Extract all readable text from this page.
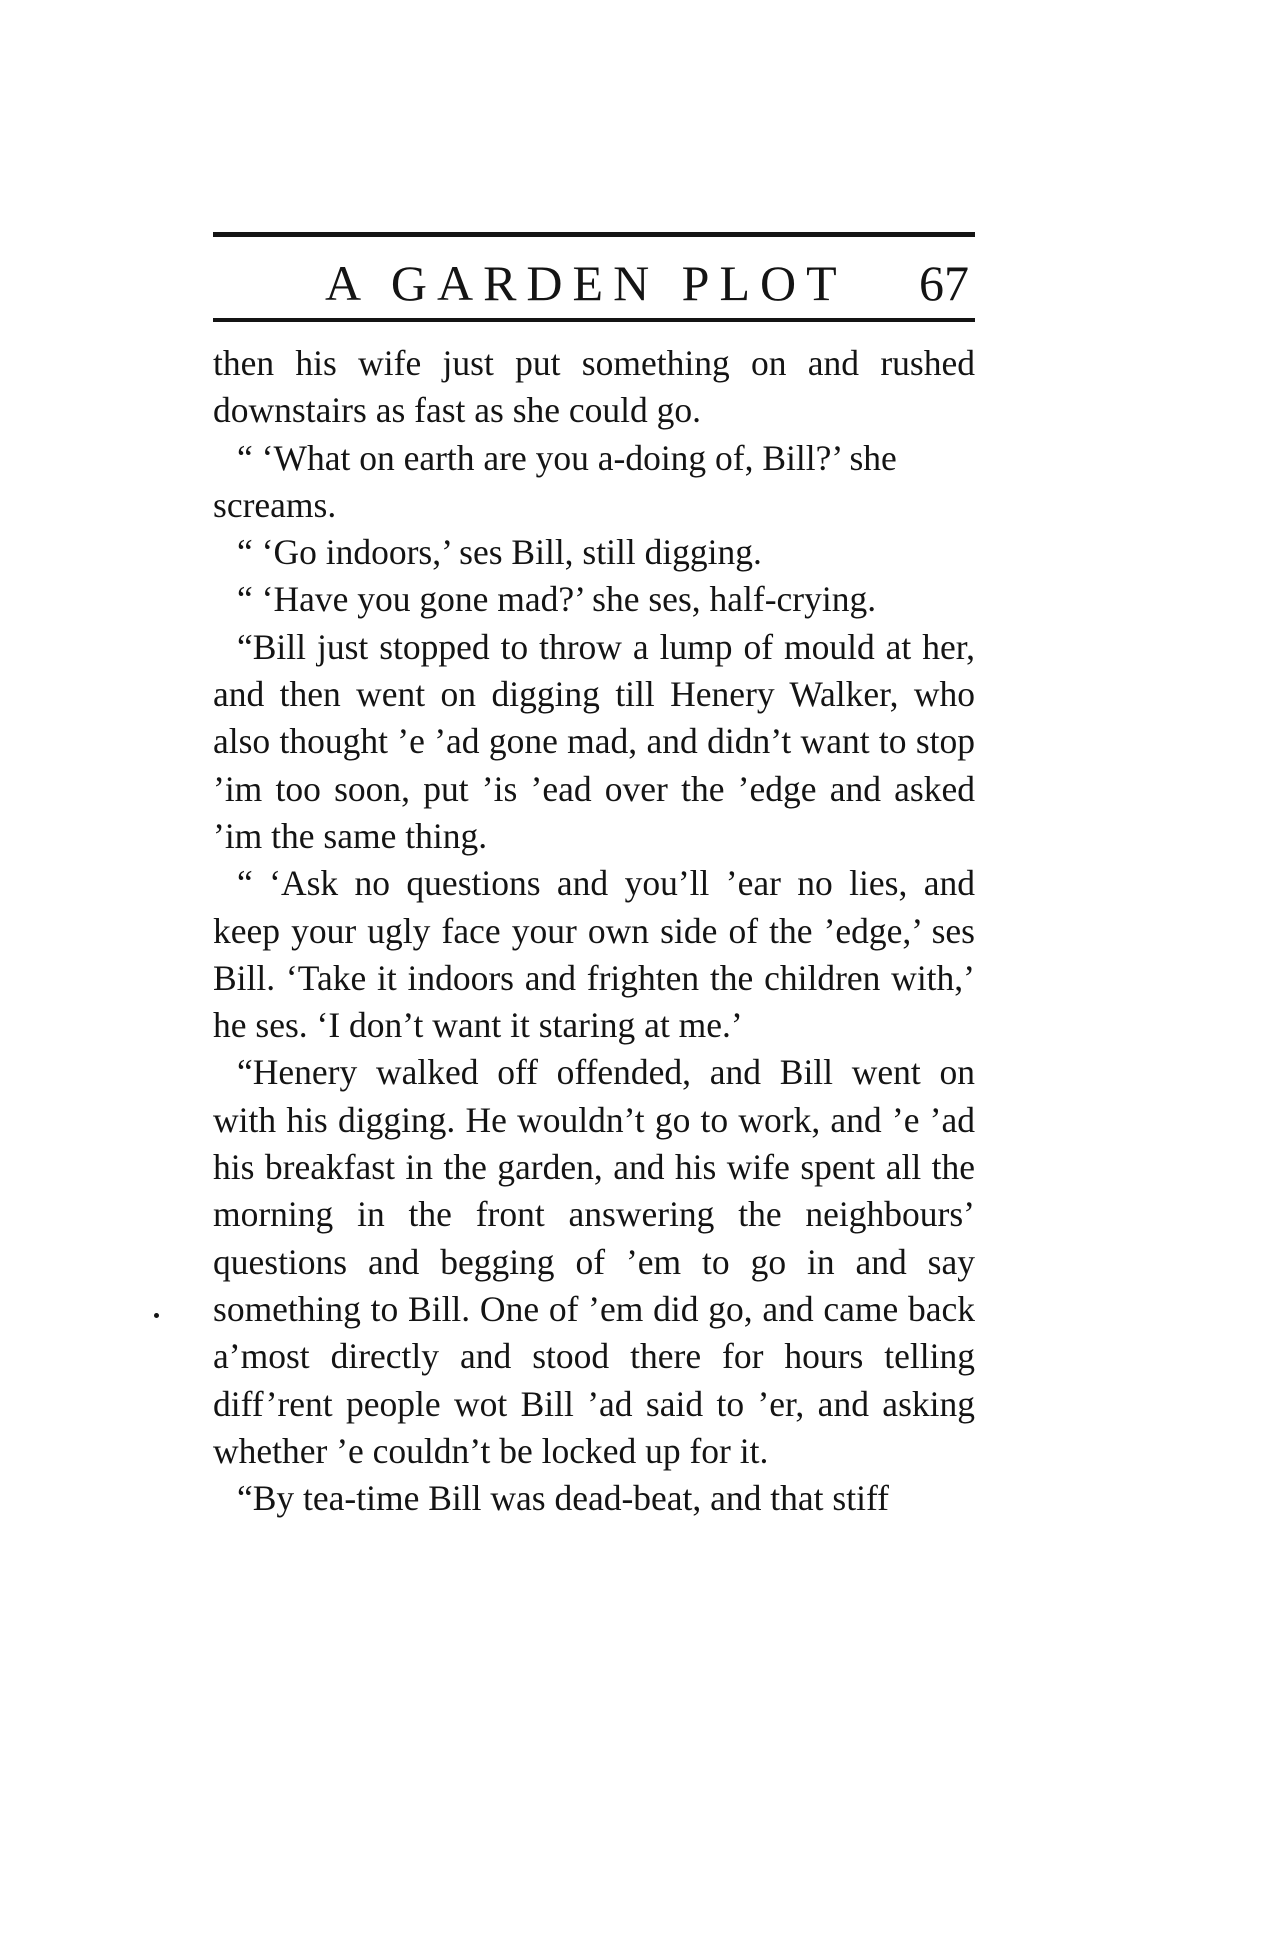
A GARDEN PLOT 67

then his wife just put something on and rushed downstairs as fast as she could go.

“ ‘What on earth are you a-doing of, Bill?’ she screams.

“ ‘Go indoors,’ ses Bill, still digging.

“ ‘Have you gone mad?’ she ses, half-crying.

“Bill just stopped to throw a lump of mould at her, and then went on digging till Henery Walker, who also thought ’e ’ad gone mad, and didn’t want to stop ’im too soon, put ’is ’ead over the ’edge and asked ’im the same thing.

“ ‘Ask no questions and you’ll ’ear no lies, and keep your ugly face your own side of the ’edge,’ ses Bill. ‘Take it indoors and frighten the children with,’ he ses. ‘I don’t want it staring at me.’

“Henery walked off offended, and Bill went on with his digging. He wouldn’t go to work, and ’e ’ad his breakfast in the garden, and his wife spent all the morning in the front answering the neighbours’ questions and begging of ’em to go in and say something to Bill. One of ’em did go, and came back a’most directly and stood there for hours telling diff’rent people wot Bill ’ad said to ’er, and asking whether ’e couldn’t be locked up for it.

“By tea-time Bill was dead-beat, and that stiff
